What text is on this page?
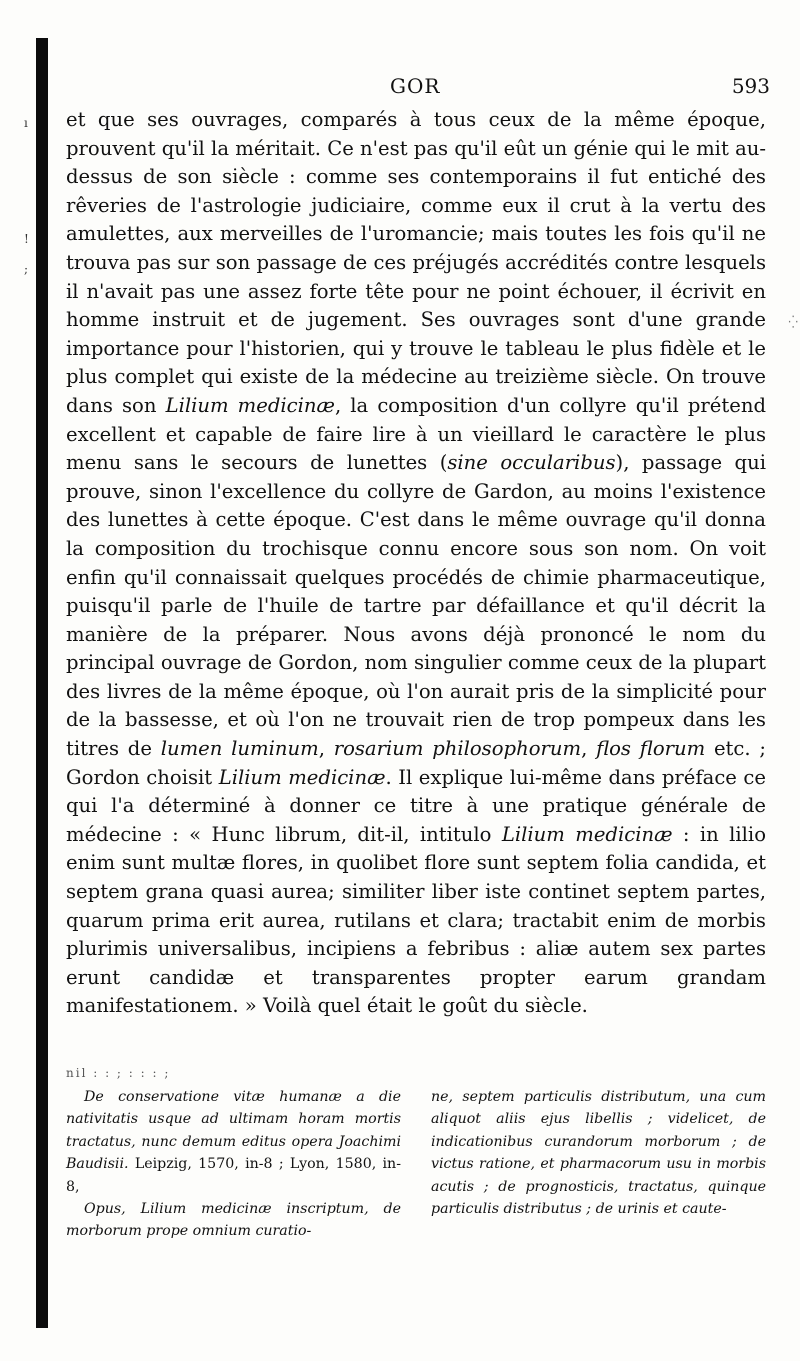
ı
!
;
⁛
GOR	593

et que ses ouvrages, comparés à tous ceux de la même époque, prouvent qu'il la méritait. Ce n'est pas qu'il eût un génie qui le mit au-dessus de son siècle : comme ses contemporains il fut entiché des rêveries de l'astrologie judiciaire, comme eux il crut à la vertu des amulettes, aux merveilles de l'uromancie; mais toutes les fois qu'il ne trouva pas sur son passage de ces préjugés accrédités contre lesquels il n'avait pas une assez forte tête pour ne point échouer, il écrivit en homme instruit et de jugement. Ses ouvrages sont d'une grande importance pour l'historien, qui y trouve le tableau le plus fidèle et le plus complet qui existe de la médecine au treizième siècle. On trouve dans son Lilium medicinæ, la composition d'un collyre qu'il prétend excellent et capable de faire lire à un vieillard le caractère le plus menu sans le secours de lunettes (sine occularibus), passage qui prouve, sinon l'excellence du collyre de Gardon, au moins l'existence des lunettes à cette époque. C'est dans le même ouvrage qu'il donna la composition du trochisque connu encore sous son nom. On voit enfin qu'il connaissait quelques procédés de chimie pharmaceutique, puisqu'il parle de l'huile de tartre par défaillance et qu'il décrit la manière de la préparer. Nous avons déjà prononcé le nom du principal ouvrage de Gordon, nom singulier comme ceux de la plupart des livres de la même époque, où l'on aurait pris de la simplicité pour de la bassesse, et où l'on ne trouvait rien de trop pompeux dans les titres de lumen luminum, rosarium philosophorum, flos florum etc. ; Gordon choisit Lilium medicinæ. Il explique lui-même dans préface ce qui l'a déterminé à donner ce titre à une pratique générale de médecine : « Hunc librum, dit-il, intitulo Lilium medicinæ : in lilio enim sunt multæ flores, in quolibet flore sunt septem folia candida, et septem grana quasi aurea; similiter liber iste continet septem partes, quarum prima erit aurea, rutilans et clara; tractabit enim de morbis plurimis universalibus, incipiens a febribus : aliæ autem sex partes erunt candidæ et transparentes propter earum grandam manifestationem. » Voilà quel était le goût du siècle.

nil : : ; : : : ;

De conservatione vitæ humanæ a die nativitatis usque ad ultimam horam mortis tractatus, nunc demum editus opera Joachimi Baudisii. Leipzig, 1570, in-8 ; Lyon, 1580, in-8,

Opus, Lilium medicinæ inscriptum, de morborum prope omnium curatio-

ne, septem particulis distributum, una cum aliquot aliis ejus libellis ; videlicet, de indicationibus curandorum morborum ; de victus ratione, et pharmacorum usu in morbis acutis ; de prognosticis, tractatus, quinque particulis distributus ; de urinis et caute-
